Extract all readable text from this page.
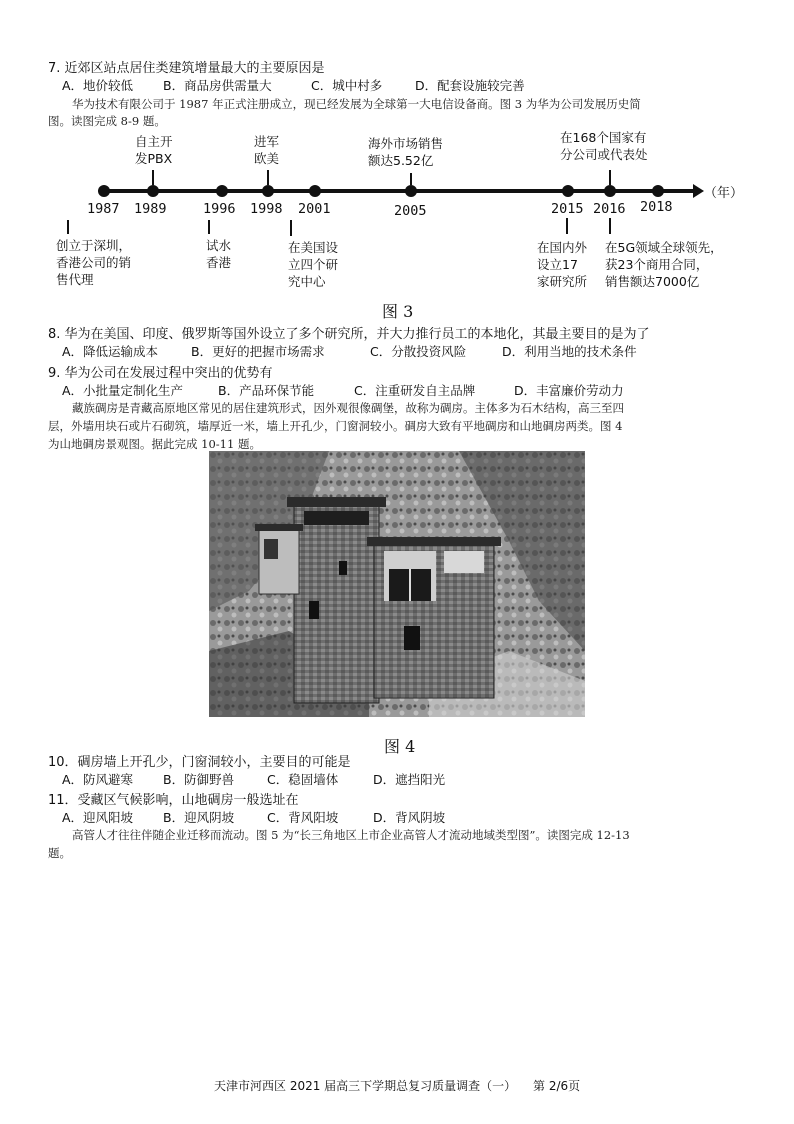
7. 近郊区站点居住类建筑增量最大的主要原因是
A．地价较低 B．商品房供需量大	C．城中村多	D．配套设施较完善
华为技术有限公司于 1987 年正式注册成立，现已经发展为全球第一大电信设备商。图 3 为华为公司发展历史简
图。读图完成 8-9 题。
自主开
发PBX
进军
欧美
海外市场销售
额达5.52亿
在168个国家有
分公司或代表处
1987 1989	1996 1998 2001	2005	2015 2016 2018
（年）
创立于深圳，
香港公司的销
售代理
试水
香港
在美国设
立四个研
究中心
在国内外
设立17
家研究所
在5G领域全球领先，
获23个商用合同，
销售额达7000亿
图 3
8. 华为在美国、印度、俄罗斯等国外设立了多个研究所，并大力推行员工的本地化，其最主要目的是为了
A．降低运输成本	B．更好的把握市场需求	C．分散投资风险	D．利用当地的技术条件
9. 华为公司在发展过程中突出的优势有
A．小批量定制化生产	B．产品环保节能	C．注重研发自主品牌	D．丰富廉价劳动力
藏族碉房是青藏高原地区常见的居住建筑形式，因外观很像碉堡，故称为碉房。主体多为石木结构，高三至四
层，外墙用块石或片石砌筑，墙厚近一米，墙上开孔少，门窗洞较小。碉房大致有平地碉房和山地碉房两类。图 4
为山地碉房景观图。据此完成 10-11 题。
图 4
10．碉房墙上开孔少，门窗洞较小，主要目的可能是
A．防风避寒 B．防御野兽	C．稳固墙体	D．遮挡阳光
11．受藏区气候影响，山地碉房一般选址在
A．迎风阳坡 B．迎风阴坡	C．背风阳坡	D．背风阴坡
高管人才往往伴随企业迁移而流动。图 5 为“长三角地区上市企业高管人才流动地域类型图”。读图完成 12-13
题。
天津市河西区 2021 届高三下学期总复习质量调查（一） 第 2/6页
